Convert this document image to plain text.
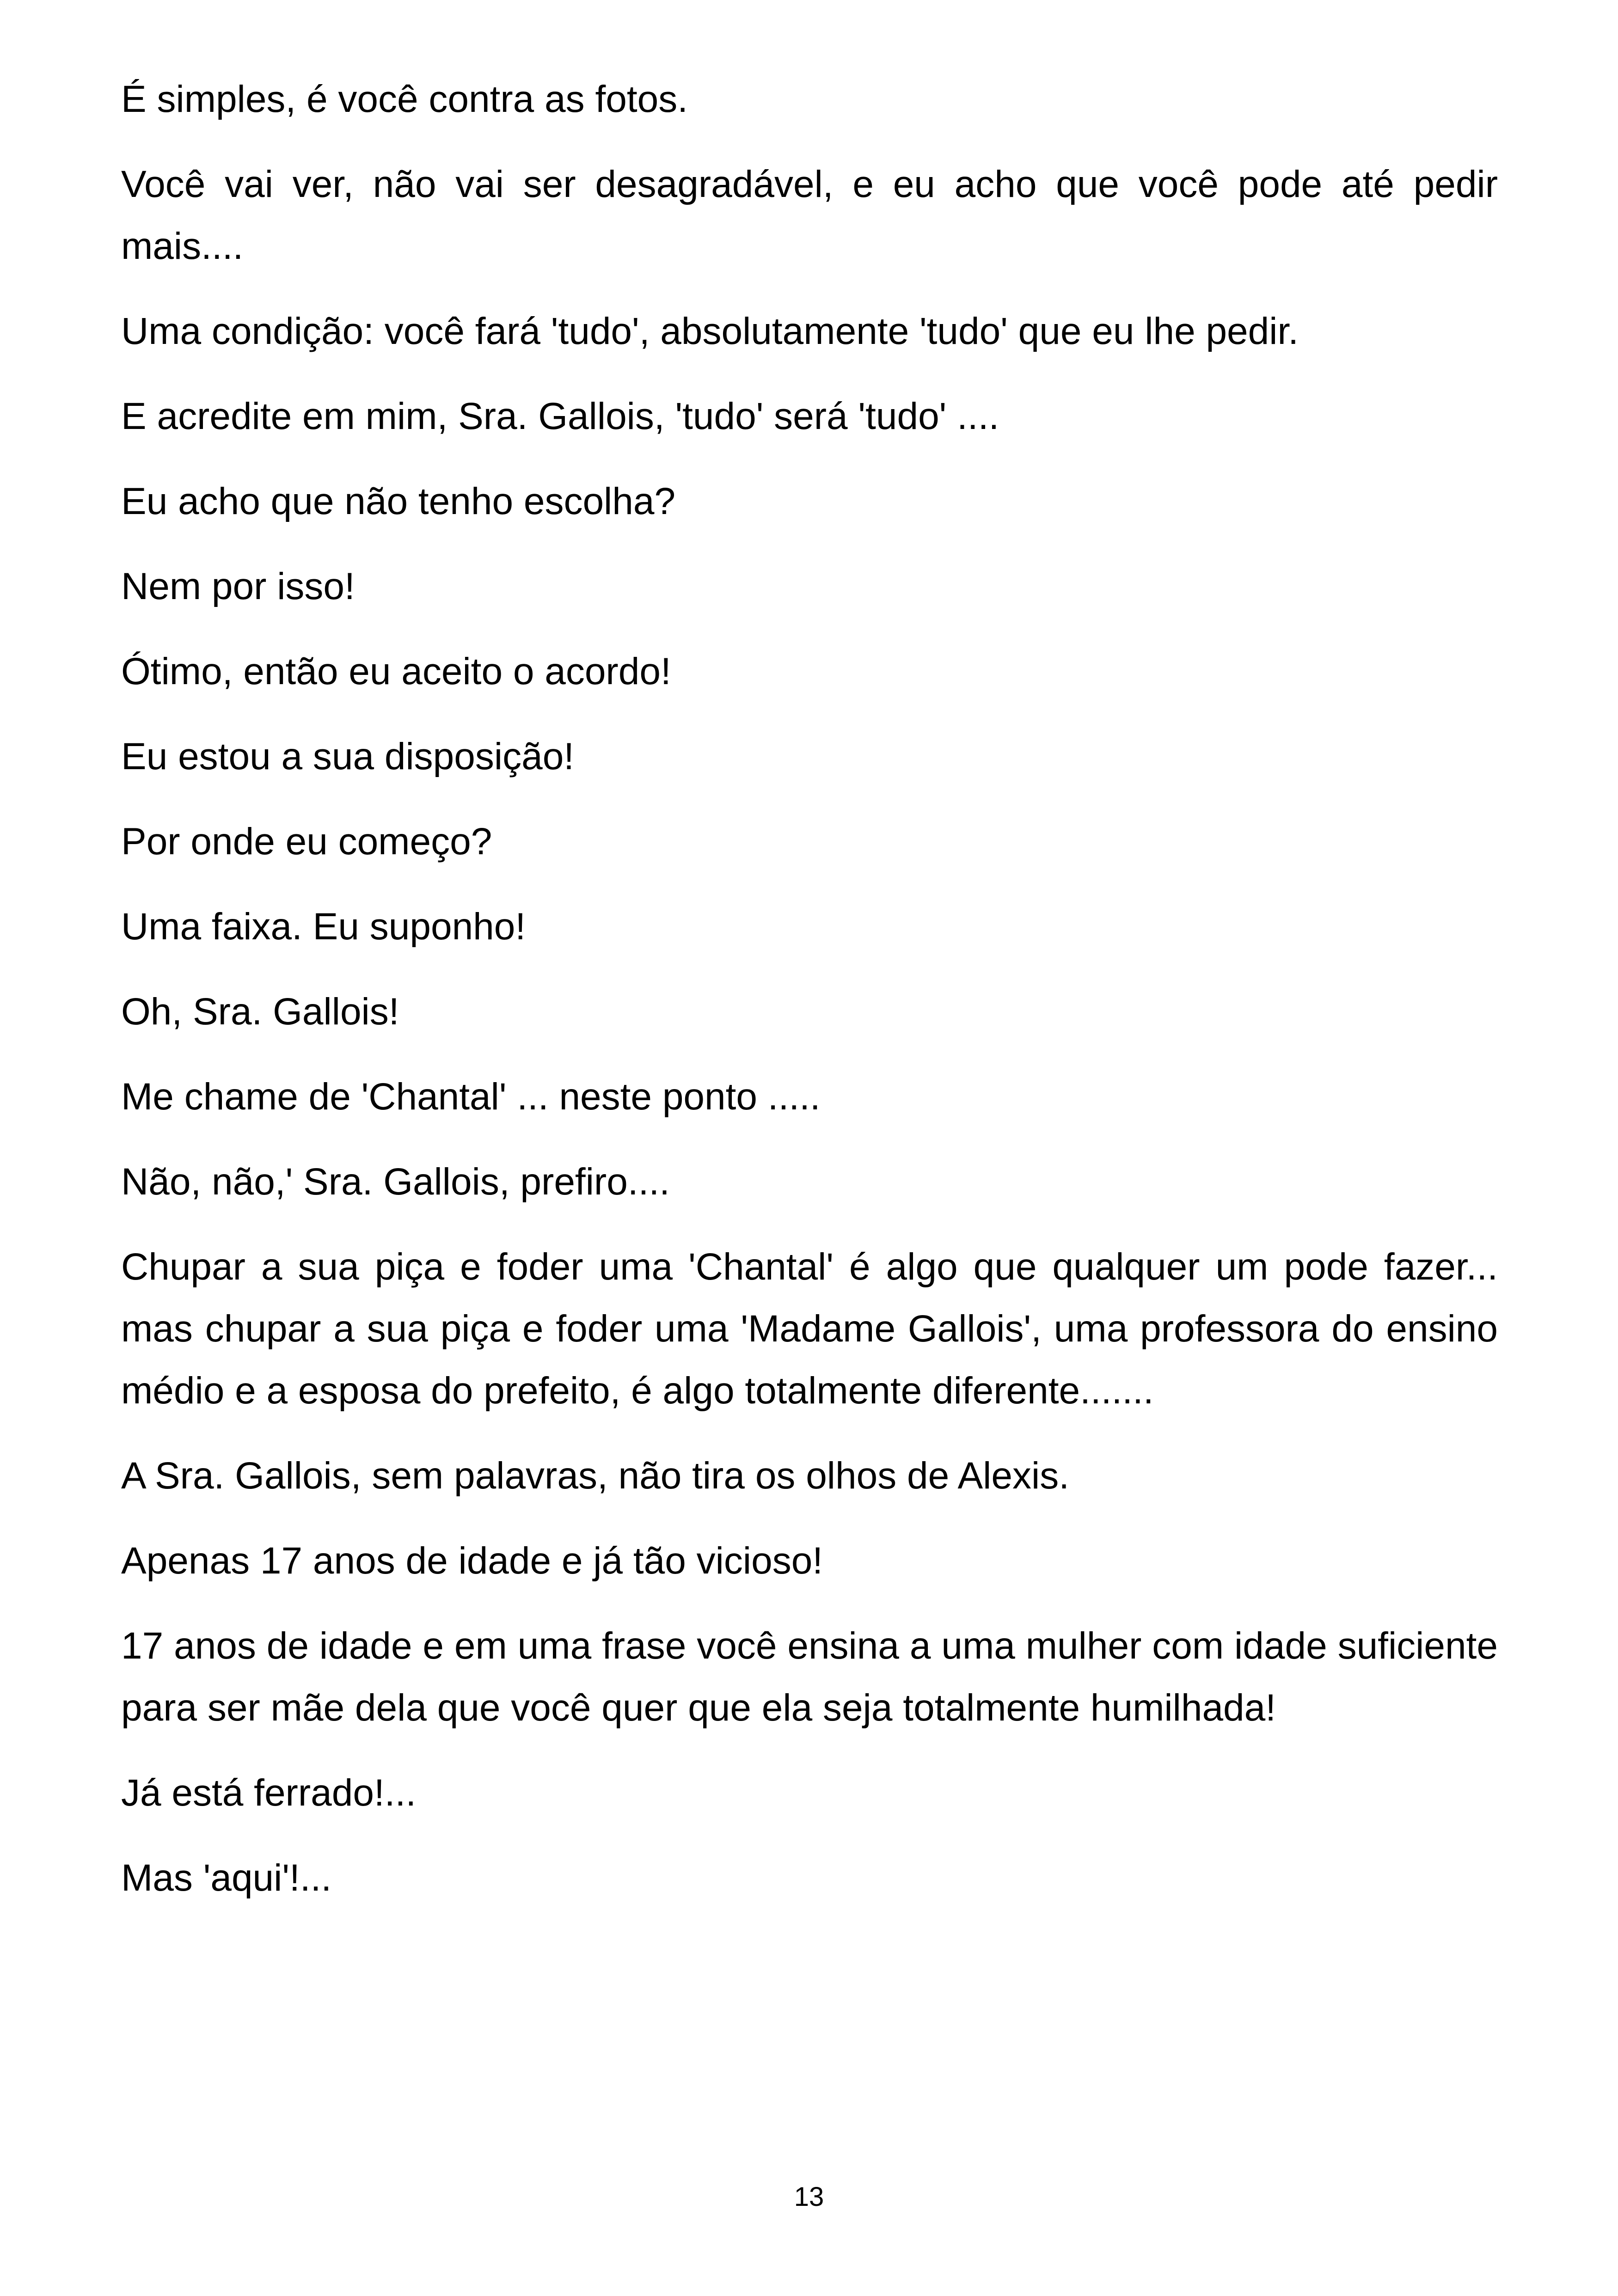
É simples, é você contra as fotos.

Você vai ver, não vai ser desagradável, e eu acho que você pode até pedir mais....

Uma condição: você fará 'tudo', absolutamente 'tudo' que eu lhe pedir.

E acredite em mim, Sra. Gallois, 'tudo' será 'tudo' ....

Eu acho que não tenho escolha?

Nem por isso!

Ótimo, então eu aceito o acordo!

Eu estou a sua disposição!

Por onde eu começo?

Uma faixa. Eu suponho!

Oh, Sra. Gallois!

Me chame de 'Chantal' ... neste ponto .....

Não, não,' Sra. Gallois, prefiro....

Chupar a sua piça e foder uma 'Chantal' é algo que qualquer um pode fazer... mas chupar a sua piça e foder uma 'Madame Gallois', uma professora do ensino médio e a esposa do prefeito, é algo totalmente diferente.......

A Sra. Gallois, sem palavras, não tira os olhos de Alexis.

Apenas 17 anos de idade e já tão vicioso!

17 anos de idade e em uma frase você ensina a uma mulher com idade suficiente para ser mãe dela que você quer que ela seja totalmente humilhada!

Já está ferrado!...

Mas 'aqui'!...

13
